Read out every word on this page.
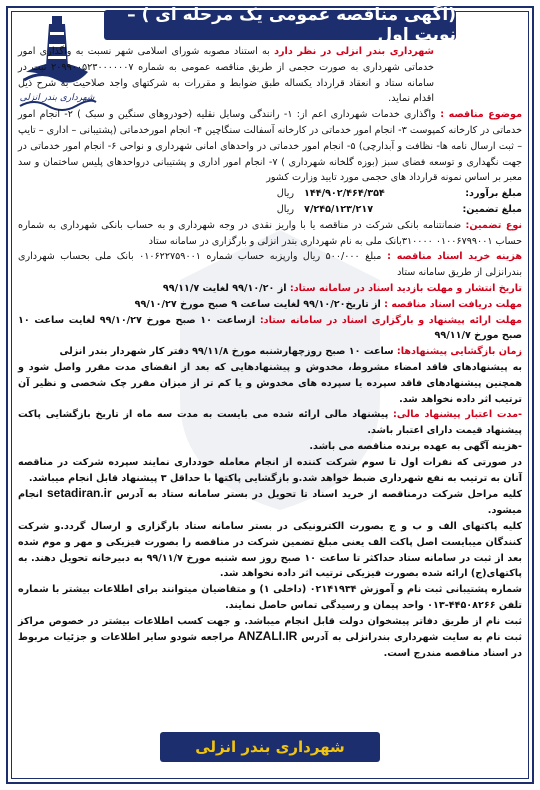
شهرداری بندر انزلی
(آگهی مناقصه عمومی یک مرحله ای ) – نوبت اول

شهرداری بندر انزلی در نظر دارد به استناد مصوبه شورای اسلامی شهر نسبت به واگذاری امور خدماتی شهرداری به صورت حجمی از طریق مناقصه عمومی به شماره ۲۰۹۹۰۰۵۲۳۰۰۰۰۰۰۷ ثبت در سامانه ستاد و انعقاد قرارداد یکساله طبق ضوابط و مقررات به شرکتهای واجد صلاحیت به شرح ذیل اقدام نماید.

موضوع مناقصه : واگذاری خدمات شهرداری اعم از: ۱- رانندگی وسایل نقلیه (خودروهای سنگین و سبک ) ۲- انجام امور خدماتی در کارخانه کمپوست ۳- انجام امور خدماتی در کارخانه آسفالت سنگاچین ۴- انجام امورخدماتی (پشتیبانی – اداری – تایپ – ثبت ارسال نامه ها- نظافت و آبدارچی) ۵- انجام امور خدماتی در واحدهای امانی شهرداری و نواحی ۶- انجام امور خدماتی در جهت نگهداری و توسعه فضای سبز (بوزه گلخانه شهرداری ) ۷- انجام امور اداری و پشتیبانی درواحدهای پلیس ساختمان و سد معبر بر اساس نمونه قرارداد های حجمی مورد تایید وزارت کشور

مبلغ برآورد:
۱۴۴/۹۰۲/۴۶۴/۳۵۴
ریال
مبلغ تضمین:
۷/۲۴۵/۱۲۳/۲۱۷
ریال

نوع تضمین: ضمانتنامه بانکی شرکت در مناقصه یا با واریز نقدی در وجه شهرداری و به حساب بانکی شهرداری به شماره حساب ۰۱۰۰۶۷۹۹۰۰۱ ۳۱۰۰۰۰بانک ملی به نام شهرداری بندر انزلی و بارگزاری در سامانه ستاد

هزینه خرید اسناد مناقصه : مبلغ ۵۰۰/۰۰۰ ریال وارپزبه حساب شماره ۰۱۰۶۲۲۷۵۹۰۰۱ بانک ملی بحساب شهرداری بندرانزلی از طریق سامانه ستاد

تاریخ انتشار و مهلت بازدید اسناد در سامانه ستاد: از ۹۹/۱۰/۲۰ لغایت ۹۹/۱۱/۷

مهلت دریافت اسناد مناقصه : از تاریخ۹۹/۱۰/۲۰ لغایت ساعت ۹ صبح مورخ ۹۹/۱۰/۲۷

مهلت ارائه پیشنهاد و بارگزاری اسناد در سامانه ستاد: ازساعت ۱۰ صبح مورخ ۹۹/۱۰/۲۷ لغایت ساعت ۱۰ صبح مورخ ۹۹/۱۱/۷

زمان بازگشایی پیشنهادها: ساعت ۱۰ صبح روزچهارشنبه مورخ ۹۹/۱۱/۸ دفتر کار شهردار بندر انزلی

به پیشنهادهای فاقد امضاء مشروط، مخدوش و پیشنهادهایی که بعد از انقضای مدت مقرر واصل شود و همچنین پیشنهادهای فاقد سپرده یا سپرده های مخدوش و یا کم تر از میزان مقرر چک شخصی و نظیر آن ترتیب اثر داده نخواهد شد.

-مدت اعتبار پیشنهاد مالی: پیشنهاد مالی ارائه شده می بایست به مدت سه ماه از تاریخ بازگشایی پاکت پیشنهاد قیمت دارای اعتبار باشد.

-هزینه آگهی به عهده برنده مناقصه می باشد.

در صورتی که نفرات اول تا سوم شرکت کننده از انجام معامله خودداری نمایند سپرده شرکت در مناقصه آنان به ترتیب به نفع شهرداری ضبط خواهد شد.و بازگشایی پاکتها با حداقل ۳ پیشنهاد قابل انجام میباشد.

کلیه مراحل شرکت درمناقصه از خرید اسناد تا تحویل در بستر سامانه ستاد به آدرس setadiran.ir انجام میشود.

کلیه پاکتهای الف و ب و ج بصورت الکترونیکی در بستر سامانه ستاد بارگزاری و ارسال گردد.و شرکت کنندگان میبایست اصل پاکت الف یعنی مبلغ تضمین شرکت در مناقصه را بصورت فیزیکی و مهر و موم شده بعد از ثبت در سامانه ستاد حداکثر تا ساعت ۱۰ صبح روز سه شنبه مورخ ۹۹/۱۱/۷ به دبیرخانه تحویل دهند. به پاکتهای(ج) ارائه شده بصورت فیزیکی ترتیب اثر داده نخواهد شد.

شماره پشتیبانی ثبت نام و آموزش ۰۲۱۴۱۹۳۴ (داخلی ۱) و متقاضیان میتوانند برای اطلاعات بیشتر با شماره تلفن ۴۴۵۰۸۲۶۶-۰۱۳ واحد پیمان و رسیدگی تماس حاصل نمایند.

ثبت نام از طریق دفاتر پیشخوان دولت قابل انجام میباشد. و جهت کسب اطلاعات بیشتر در خصوص مراکز ثبت نام به سایت شهرداری بندرانزلی به آدرس ANZALI.IR مراجعه شودو سایر اطلاعات و جزئیات مربوط در اسناد مناقصه مندرج است.

شهرداری بندر انزلی
